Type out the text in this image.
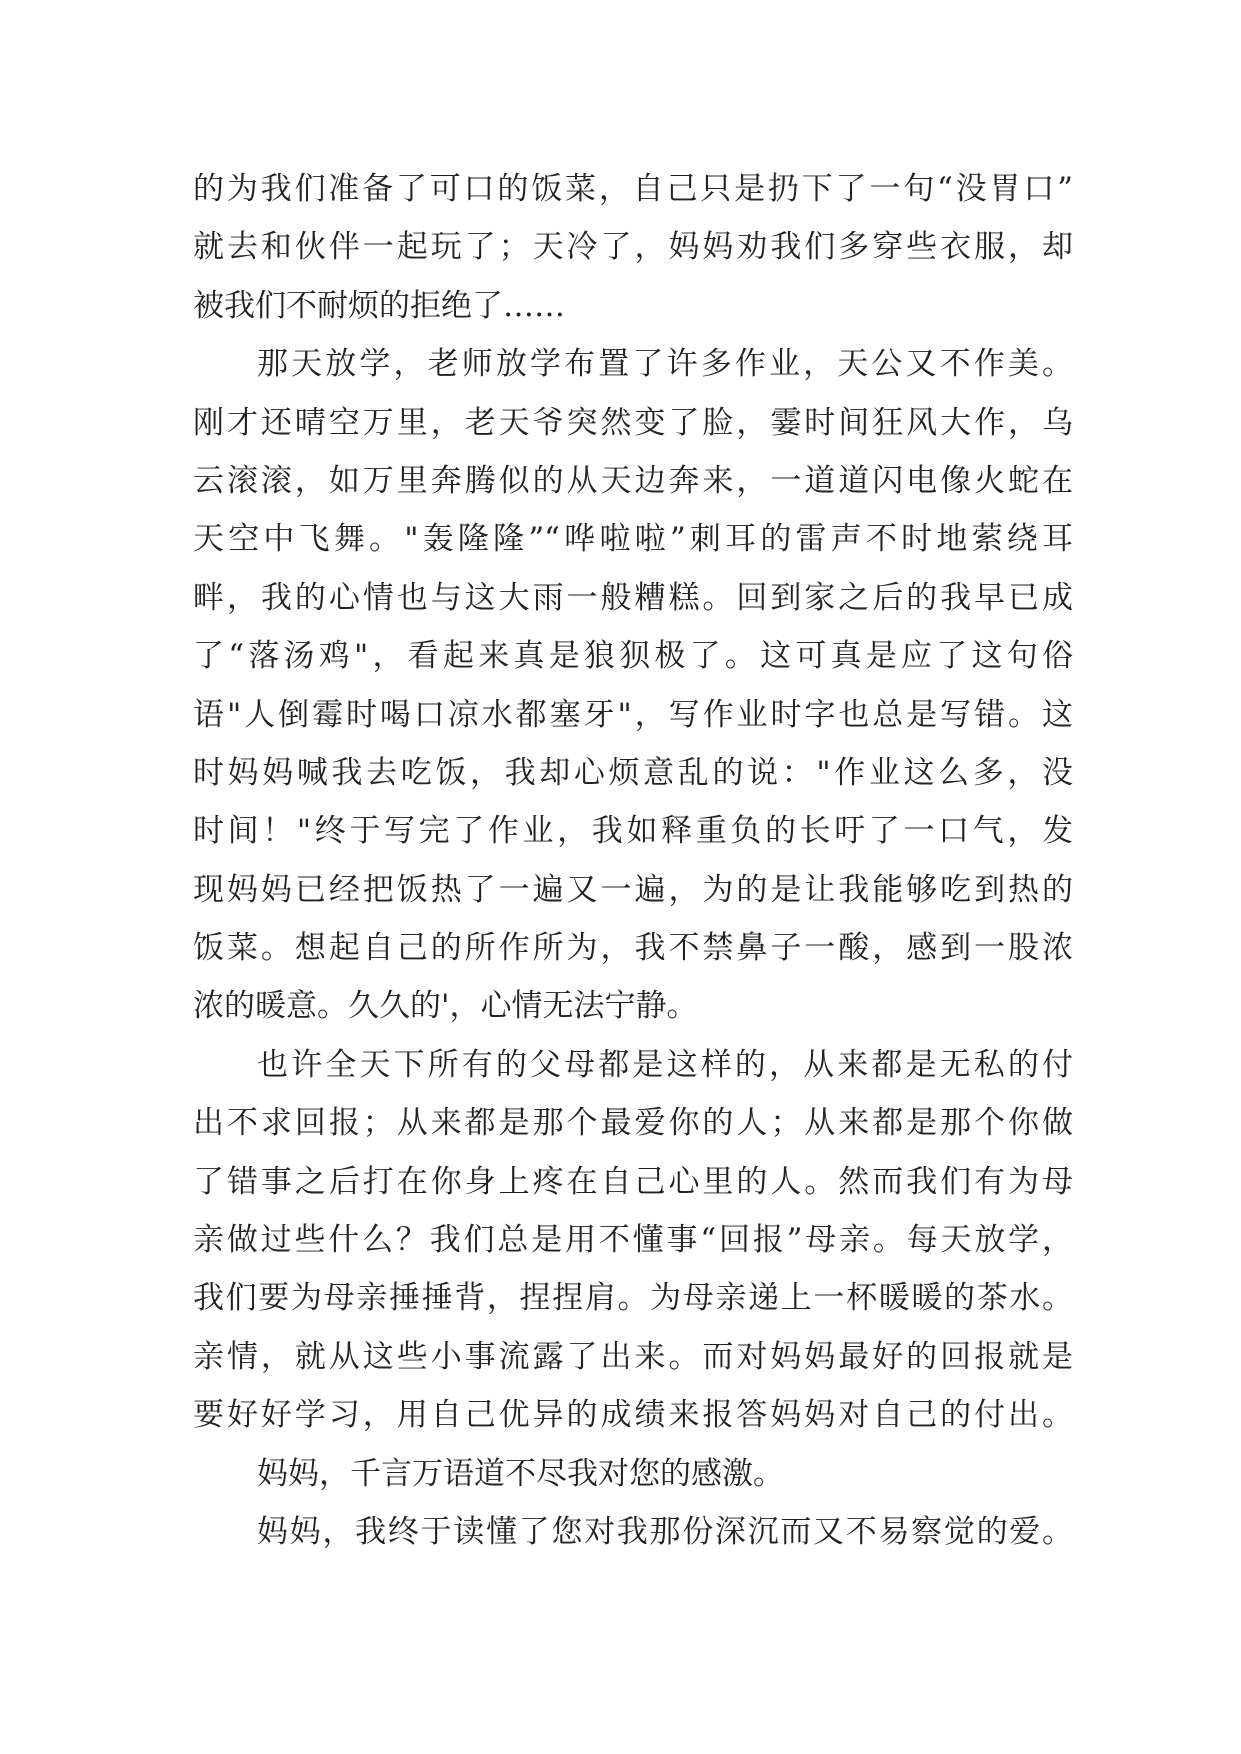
的为我们准备了可口的饭菜，自己只是扔下了一句“没胃口”
就去和伙伴一起玩了；天冷了，妈妈劝我们多穿些衣服，却
被我们不耐烦的拒绝了……
那天放学，老师放学布置了许多作业，天公又不作美。
刚才还晴空万里，老天爷突然变了脸，霎时间狂风大作，乌
云滚滚，如万里奔腾似的从天边奔来，一道道闪电像火蛇在
天空中飞舞。"轰隆隆”“哗啦啦”刺耳的雷声不时地萦绕耳
畔，我的心情也与这大雨一般糟糕。回到家之后的我早已成
了“落汤鸡"，看起来真是狼狈极了。这可真是应了这句俗
语"人倒霉时喝口凉水都塞牙"，写作业时字也总是写错。这
时妈妈喊我去吃饭，我却心烦意乱的说："作业这么多，没
时间！"终于写完了作业，我如释重负的长吁了一口气，发
现妈妈已经把饭热了一遍又一遍，为的是让我能够吃到热的
饭菜。想起自己的所作所为，我不禁鼻子一酸，感到一股浓
浓的暖意。久久的'，心情无法宁静。
也许全天下所有的父母都是这样的，从来都是无私的付
出不求回报；从来都是那个最爱你的人；从来都是那个你做
了错事之后打在你身上疼在自己心里的人。然而我们有为母
亲做过些什么？我们总是用不懂事“回报”母亲。每天放学，
我们要为母亲捶捶背，捏捏肩。为母亲递上一杯暖暖的茶水。
亲情，就从这些小事流露了出来。而对妈妈最好的回报就是
要好好学习，用自己优异的成绩来报答妈妈对自己的付出。
妈妈，千言万语道不尽我对您的感激。
妈妈，我终于读懂了您对我那份深沉而又不易察觉的爱。
